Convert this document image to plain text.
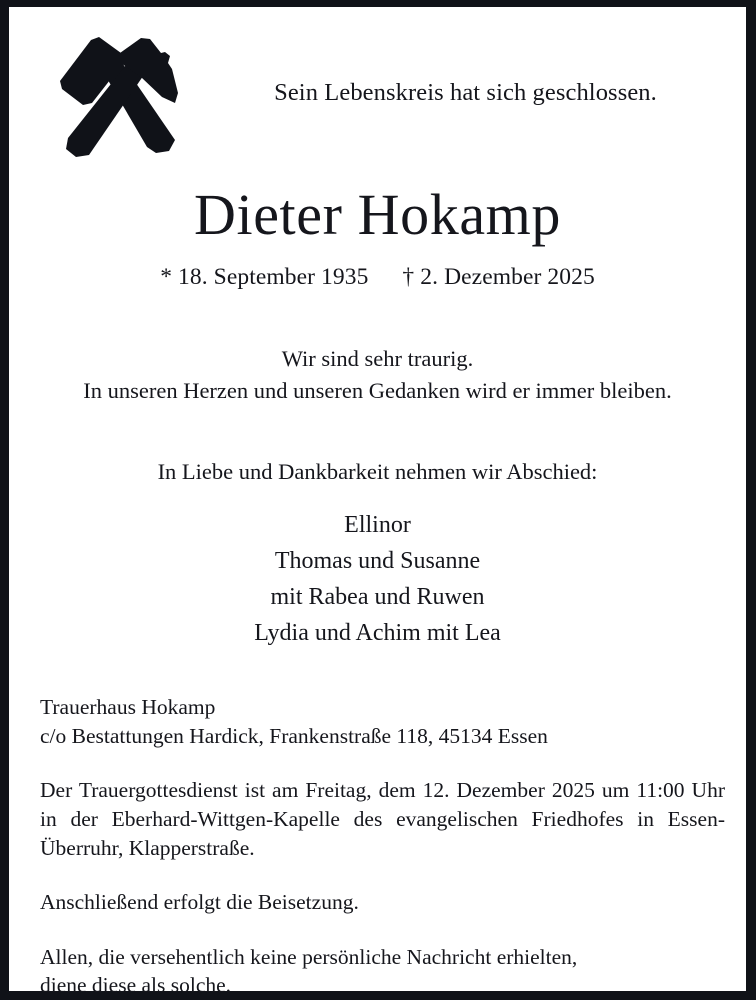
Sein Lebenskreis hat sich geschlossen.
Dieter Hokamp
* 18. September 1935 † 2. Dezember 2025
Wir sind sehr traurig.
In unseren Herzen und unseren Gedanken wird er immer bleiben.
In Liebe und Dankbarkeit nehmen wir Abschied:
Ellinor
Thomas und Susanne
mit Rabea und Ruwen
Lydia und Achim mit Lea
Trauerhaus Hokamp
c/o Bestattungen Hardick, Frankenstraße 118, 45134 Essen
Der Trauergottesdienst ist am Freitag, dem 12. Dezember 2025 um 11:00 Uhr in der Eberhard-Wittgen-Kapelle des evangelischen Friedhofes in Essen-Überruhr, Klapperstraße.
Anschließend erfolgt die Beisetzung.
Allen, die versehentlich keine persönliche Nachricht erhielten,
diene diese als solche.
